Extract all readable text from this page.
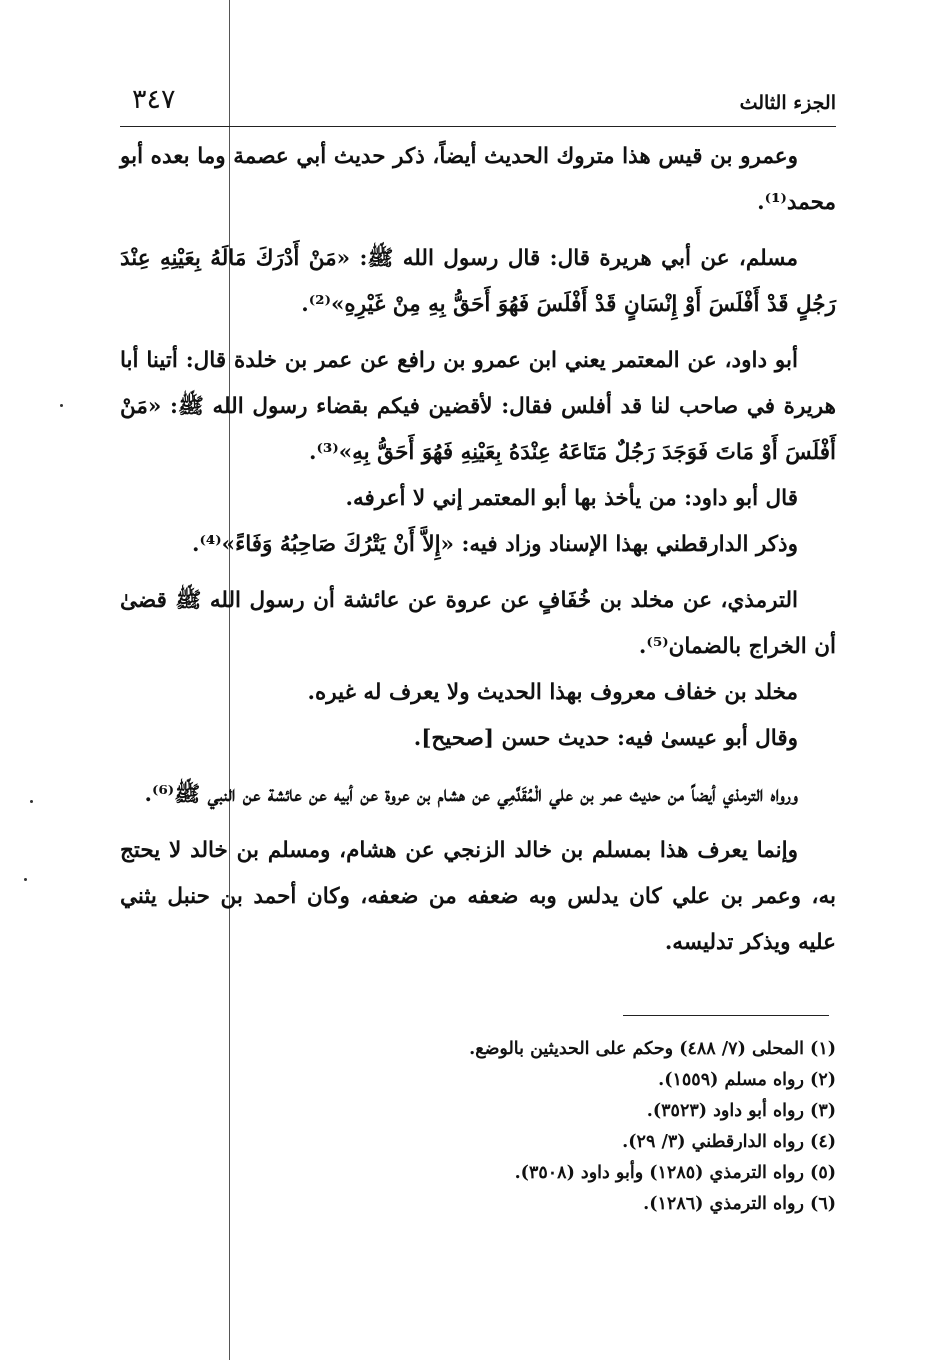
الجزء الثالث
٣٤٧

وعمرو بن قيس هذا متروك الحديث أيضاً، ذكر حديث أبي عصمة وما بعده أبو محمد⁽¹⁾.

مسلم، عن أبي هريرة قال: قال رسول الله ﷺ: «مَنْ أَدْرَكَ مَالَهُ بِعَيْنِهِ عِنْدَ رَجُلٍ قَدْ أَفْلَسَ أَوْ إِنْسَانٍ قَدْ أَفْلَسَ فَهُوَ أَحَقُّ بِهِ مِنْ غَيْرِهِ»⁽²⁾.

أبو داود، عن المعتمر يعني ابن عمرو بن رافع عن عمر بن خلدة قال: أتينا أبا هريرة في صاحب لنا قد أفلس فقال: لأقضين فيكم بقضاء رسول الله ﷺ: «مَنْ أَفْلَسَ أَوْ مَاتَ فَوَجَدَ رَجُلٌ مَتَاعَهُ عِنْدَهُ بِعَيْنِهِ فَهُوَ أَحَقُّ بِهِ»⁽³⁾.

قال أبو داود: من يأخذ بها أبو المعتمر إني لا أعرفه.

وذكر الدارقطني بهذا الإسناد وزاد فيه: «إِلاَّ أَنْ يَتْرُكَ صَاحِبُهُ وَفَاءً»⁽⁴⁾.

الترمذي، عن مخلد بن خُفَافٍ عن عروة عن عائشة أن رسول الله ﷺ قضىٰ أن الخراج بالضمان⁽⁵⁾.

مخلد بن خفاف معروف بهذا الحديث ولا يعرف له غيره.

وقال أبو عيسىٰ فيه: حديث حسن [صحيح].

ورواه الترمذي أيضاً من حديث عمر بن علي الْمُقَدَّمِي عن هشام بن عروة عن أبيه عن عائشة عن النبي ﷺ⁽⁶⁾.

وإنما يعرف هذا بمسلم بن خالد الزنجي عن هشام، ومسلم بن خالد لا يحتج به، وعمر بن علي كان يدلس وبه ضعفه من ضعفه، وكان أحمد بن حنبل يثني عليه ويذكر تدليسه.

(١) المحلى (٧/ ٤٨٨) وحكم على الحديثين بالوضع.
(٢) رواه مسلم (١٥٥٩).
(٣) رواه أبو داود (٣٥٢٣).
(٤) رواه الدارقطني (٣/ ٢٩).
(٥) رواه الترمذي (١٢٨٥) وأبو داود (٣٥٠٨).
(٦) رواه الترمذي (١٢٨٦).
